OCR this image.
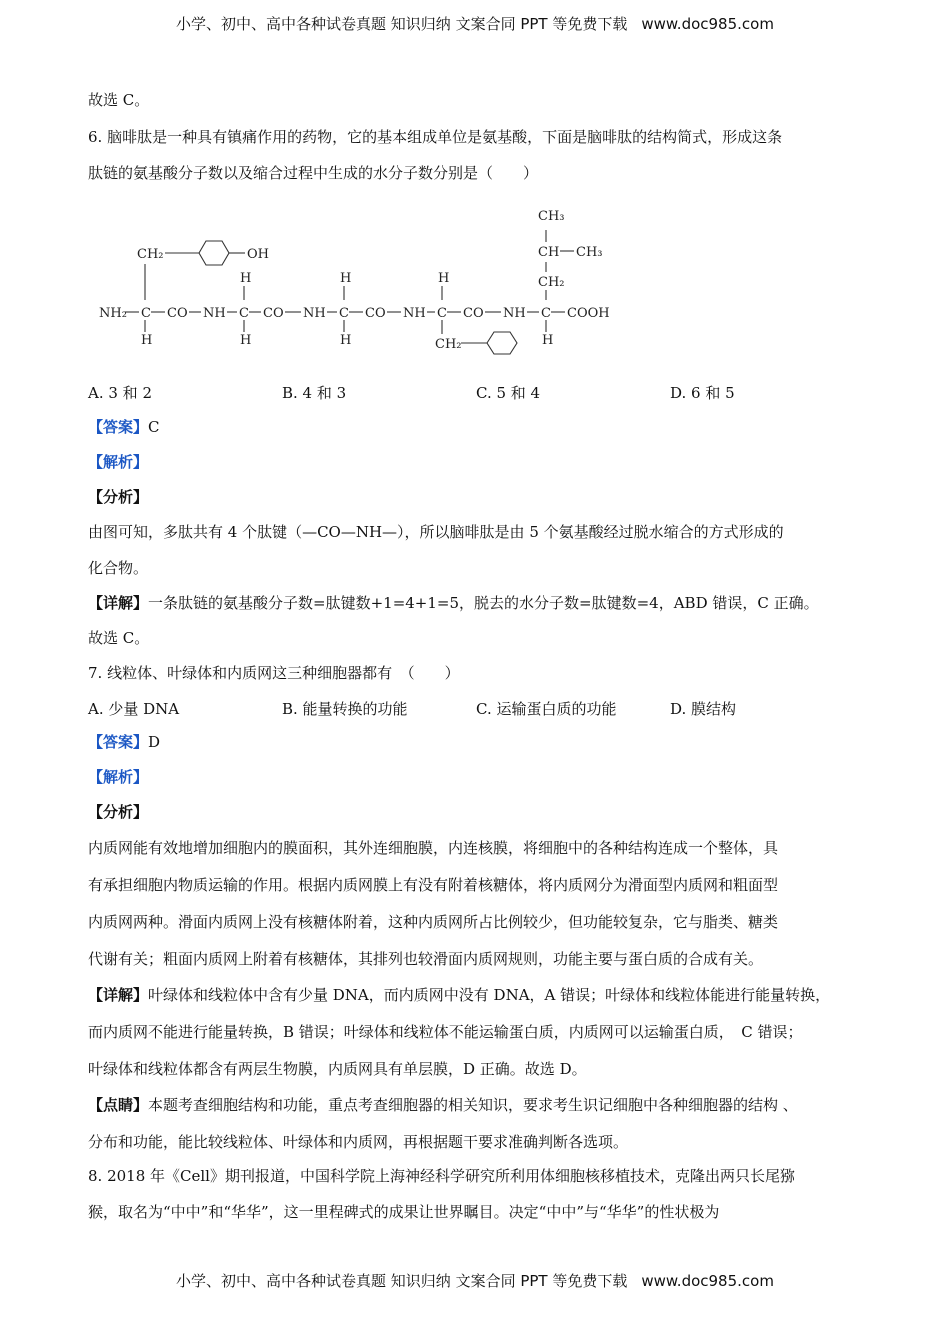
小学、初中、高中各种试卷真题 知识归纳 文案合同 PPT 等免费下载 www.doc985.com
故选 C。
6. 脑啡肽是一种具有镇痛作用的药物，它的基本组成单位是氨基酸，下面是脑啡肽的结构简式，形成这条
肽链的氨基酸分子数以及缩合过程中生成的水分子数分别是（　　）
NH₂ C CO NH C CO NH C CO NH C CO NH C COOH
CH₂	OH
H
H
H
H
H
H
CH₂
CH₂
CH CH₃
CH₃
H
A. 3 和 2	B. 4 和 3	C. 5 和 4	D. 6 和 5
【答案】C
【解析】
【分析】
由图可知，多肽共有 4 个肽键（—CO—NH—），所以脑啡肽是由 5 个氨基酸经过脱水缩合的方式形成的
化合物。
【详解】一条肽链的氨基酸分子数=肽键数+1=4+1=5，脱去的水分子数=肽键数=4，ABD 错误，C 正确。
故选 C。
7. 线粒体、叶绿体和内质网这三种细胞器都有　（　　）
A. 少量 DNA	B. 能量转换的功能	C. 运输蛋白质的功能	D. 膜结构
【答案】D
【解析】
【分析】
内质网能有效地增加细胞内的膜面积，其外连细胞膜，内连核膜，将细胞中的各种结构连成一个整体，具
有承担细胞内物质运输的作用。根据内质网膜上有没有附着核糖体，将内质网分为滑面型内质网和粗面型
内质网两种。滑面内质网上没有核糖体附着，这种内质网所占比例较少，但功能较复杂，它与脂类、糖类
代谢有关；粗面内质网上附着有核糖体，其排列也较滑面内质网规则，功能主要与蛋白质的合成有关。
【详解】叶绿体和线粒体中含有少量 DNA，而内质网中没有 DNA，A 错误；叶绿体和线粒体能进行能量转换，
而内质网不能进行能量转换，B 错误；叶绿体和线粒体不能运输蛋白质，内质网可以运输蛋白质，　C 错误；
叶绿体和线粒体都含有两层生物膜，内质网具有单层膜，D 正确。故选 D。
【点睛】本题考查细胞结构和功能，重点考查细胞器的相关知识，要求考生识记细胞中各种细胞器的结构 、
分布和功能，能比较线粒体、叶绿体和内质网，再根据题干要求准确判断各选项。
8. 2018 年《Cell》期刊报道，中国科学院上海神经科学研究所利用体细胞核移植技术，克隆出两只长尾猕
猴，取名为“中中”和“华华”，这一里程碑式的成果让世界瞩目。决定“中中”与“华华”的性状极为
小学、初中、高中各种试卷真题 知识归纳 文案合同 PPT 等免费下载 www.doc985.com
